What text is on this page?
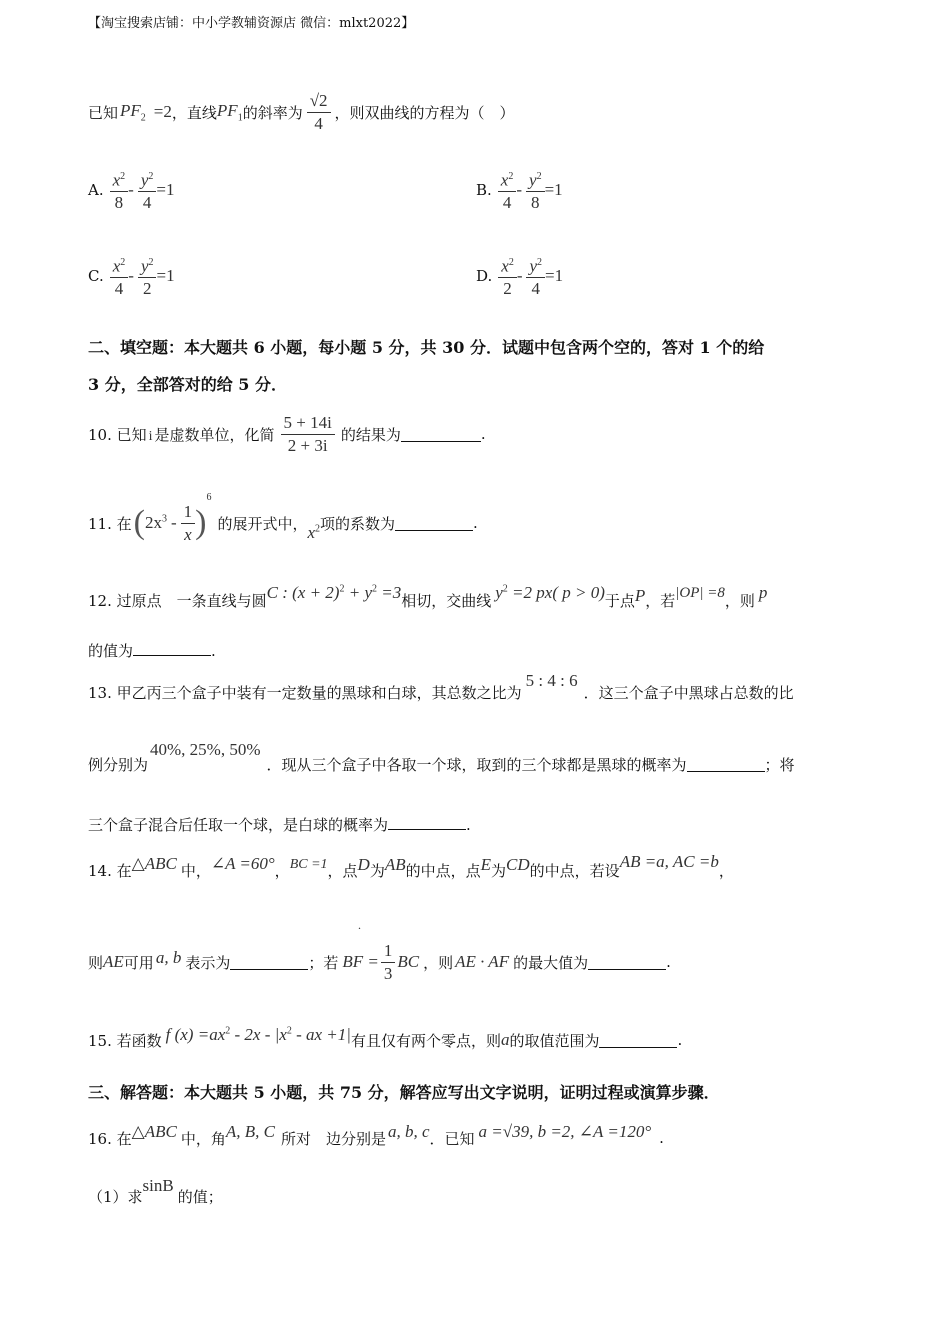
【淘宝搜索店铺：中小学教辅资源店 微信：mlxt2022】
已知 $PF_2 =2$ ，直线 $PF_1$ 的斜率为 $\frac{√2}{4}$ ，则双曲线的方程为（　）
A. $\frac{x^2}{8} - \frac{y^2}{4} =1$	B. $\frac{x^2}{4} - \frac{y^2}{8} =1$
C. $\frac{x^2}{4} - \frac{y^2}{2} =1$	D. $\frac{x^2}{2} - \frac{y^2}{4} =1$
二、填空题：本大题共 6 小题，每小题 5 分，共 30 分．试题中包含两个空的，答对 1 个的给
3 分，全部答对的给 5 分．
10. 已知 i 是虚数单位，化简 $\frac{5 + 14i}{2 + 3i}$ 的结果为	.
11. 在 ( $2x^3 - \frac{1}{x}$ )
6
的展开式中， $x^2$ 项的系数为	.
12. 过原点　一条直线与圆 C : $(x + 2)^2 + y^2 =3$ 相切，交曲线 $y^2 =2$ px( p > 0) 于点 P ，若 |OP| =8 ，则 p
的值为	.
13. 甲乙丙三个盒子中装有一定数量的黑球和白球，其总数之比为
5 : 4 : 6
．这三个盒子中黑球占总数的比
例分别为
40%, 25%, 50%
．现从三个盒子中各取一个球，取到的三个球都是黑球的概率为	；将
三个盒子混合后任取一个球，是白球的概率为	.
14. 在 △ABC 中， ∠A =60° ， BC =1 ，点 D 为 AB 的中点，点 E 为 CD 的中点，若设 AB =a, AC =b ，
.
则 AE 可用 a, b 表示为	；若 BF = $\frac{1}{3}$ BC ，则 AE · AF 的最大值为	.
15. 若函数 f $(x) =ax^2 - 2x - |x^2$ - ax +1| 有且仅有两个零点，则 a 的取值范围为	.
三、解答题：本大题共 5 小题，共 75 分，解答应写出文字说明，证明过程或演算步骤．
16. 在 △ABC 中，角 A, B, C 所对　边分别是 a, b, c ．已知 a =√39, b =2, ∠A =120° .
（1）求
sinB
的值；
